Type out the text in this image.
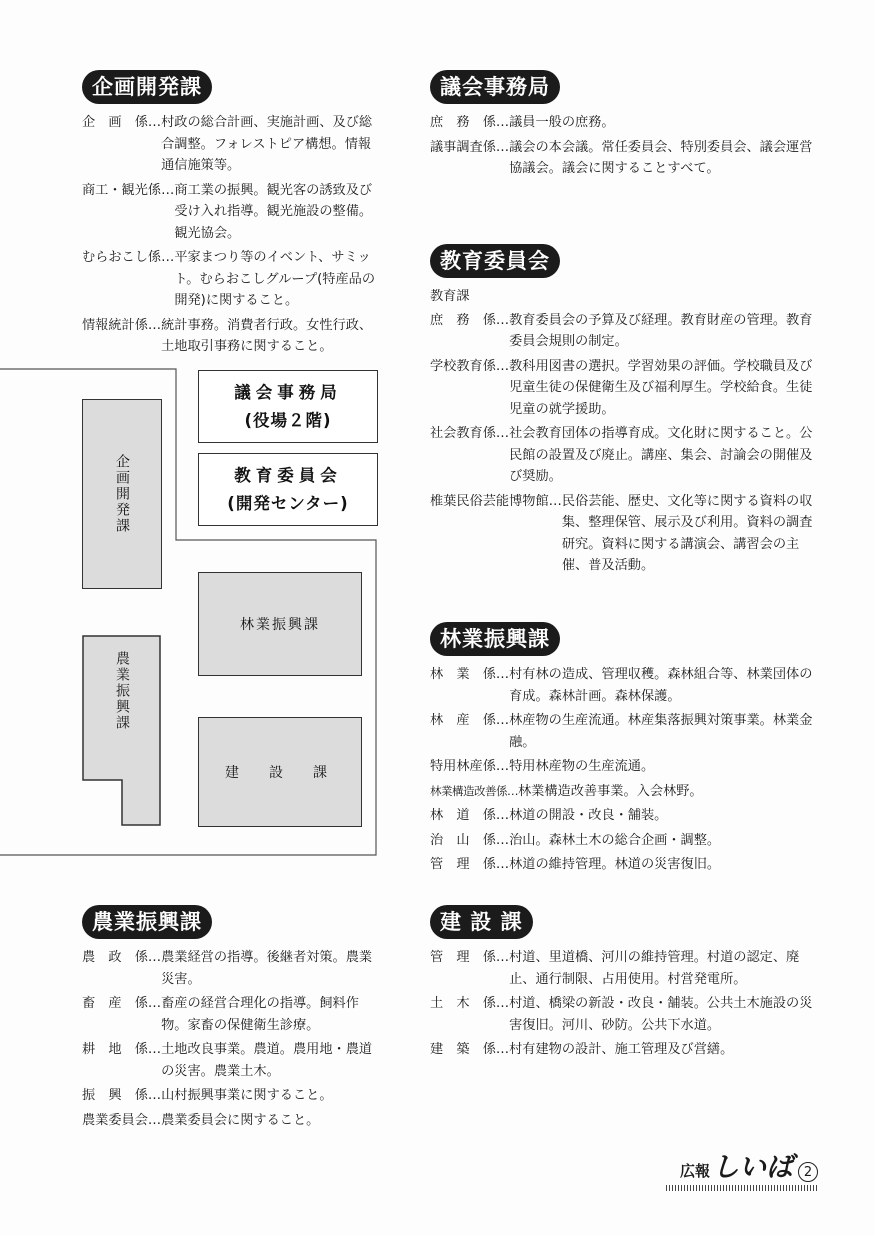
企画開発課
企　画　係… 村政の総合計画、実施計画、及び総合調整。フォレストピア構想。情報通信施策等。
商工・観光係… 商工業の振興。観光客の誘致及び受け入れ指導。観光施設の整備。観光協会。
むらおこし係… 平家まつり等のイベント、サミット。むらおこしグループ(特産品の開発)に関すること。
情報統計係… 統計事務。消費者行政。女性行政、土地取引事務に関すること。
議会事務局
庶　務　係… 議員一般の庶務。
議事調査係… 議会の本会議。常任委員会、特別委員会、議会運営協議会。議会に関することすべて。
教育委員会
教育課
庶　務　係… 教育委員会の予算及び経理。教育財産の管理。教育委員会規則の制定。
学校教育係… 教科用図書の選択。学習効果の評価。学校職員及び児童生徒の保健衛生及び福利厚生。学校給食。生徒児童の就学援助。
社会教育係… 社会教育団体の指導育成。文化財に関すること。公民館の設置及び廃止。講座、集会、討論会の開催及び奨励。
椎葉民俗芸能博物館… 民俗芸能、歴史、文化等に関する資料の収集、整理保管、展示及び利用。資料の調査研究。資料に関する講演会、講習会の主催、普及活動。
林業振興課
林　業　係… 村有林の造成、管理収穫。森林組合等、林業団体の育成。森林計画。森林保護。
林　産　係… 林産物の生産流通。林産集落振興対策事業。林業金融。
特用林産係… 特用林産物の生産流通。
林業構造改善係… 林業構造改善事業。入会林野。
林　道　係… 林道の開設・改良・舗装。
治　山　係… 治山。森林土木の総合企画・調整。
管　理　係… 林道の維持管理。林道の災害復旧。
農業振興課
農　政　係… 農業経営の指導。後継者対策。農業災害。
畜　産　係… 畜産の経営合理化の指導。飼料作物。家畜の保健衛生診療。
耕　地　係… 土地改良事業。農道。農用地・農道の災害。農業土木。
振　興　係… 山村振興事業に関すること。
農業委員会… 農業委員会に関すること。
建 設 課
管　理　係… 村道、里道橋、河川の維持管理。村道の認定、廃止、通行制限、占用使用。村営発電所。
土　木　係… 村道、橋梁の新設・改良・舗装。公共土木施設の災害復旧。河川、砂防。公共下水道。
建　築　係… 村有建物の設計、施工管理及び営繕。
議会事務局
(役場２階)
教育委員会
(開発センター)
企画開発課
林業振興課
農業振興課
建　設　課
広報 しいば 2
